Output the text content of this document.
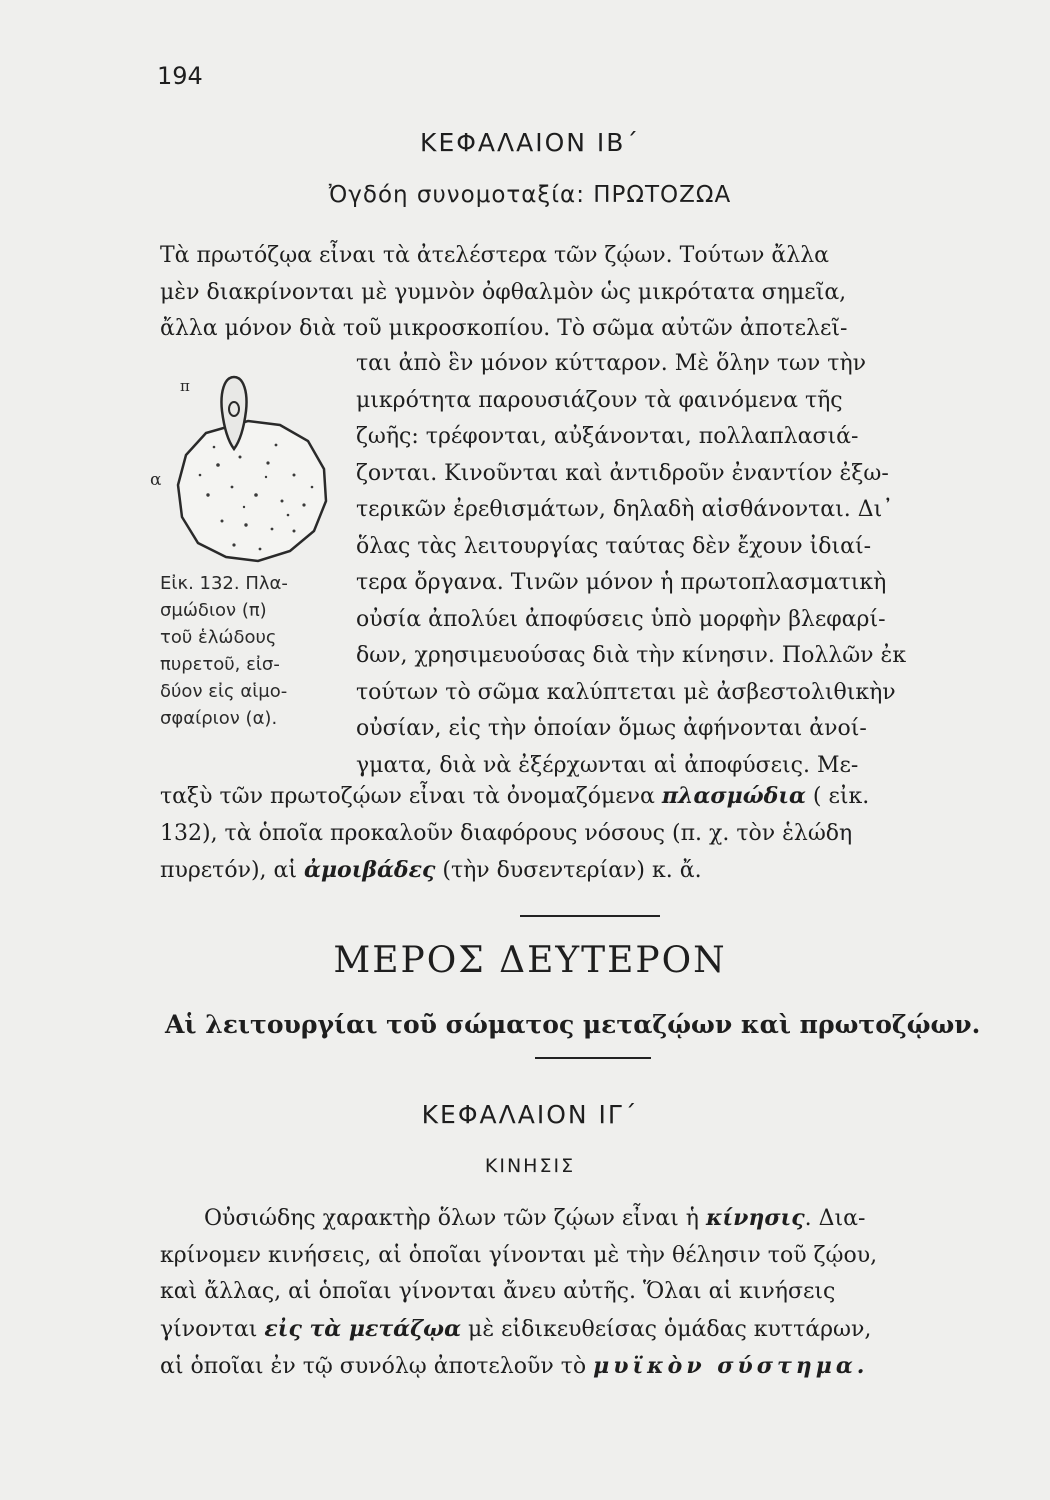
194
ΚΕΦΑΛΑΙΟΝ ΙΒ΄
Ὀγδόη συνομοταξία: ΠΡΩΤΟΖΩΑ
Τὰ πρωτόζῳα εἶναι τὰ ἀτελέστερα τῶν ζῴων. Τούτων ἄλλα
μὲν διακρίνονται μὲ γυμνὸν ὀφθαλμὸν ὡς μικρότατα σημεῖα,
ἄλλα μόνον διὰ τοῦ μικροσκοπίου. Τὸ σῶμα αὐτῶν ἀποτελεῖ-
ται ἀπὸ ἓν μόνον κύτταρον. Μὲ ὅλην των τὴν
μικρότητα παρουσιάζουν τὰ φαινόμενα τῆς
ζωῆς: τρέφονται, αὐξάνονται, πολλαπλασιά-
ζονται. Κινοῦνται καὶ ἀντιδροῦν ἐναντίον ἐξω-
τερικῶν ἐρεθισμάτων, δηλαδὴ αἰσθάνονται. Δι᾽
ὅλας τὰς λειτουργίας ταύτας δὲν ἔχουν ἰδιαί-
τερα ὄργανα. Τινῶν μόνον ἡ πρωτοπλασματικὴ
οὐσία ἀπολύει ἀποφύσεις ὑπὸ μορφὴν βλεφαρί-
δων, χρησιμευούσας διὰ τὴν κίνησιν. Πολλῶν ἐκ
τούτων τὸ σῶμα καλύπτεται μὲ ἀσβεστολιθικὴν
οὐσίαν, εἰς τὴν ὁποίαν ὅμως ἀφήνονται ἀνοί-
γματα, διὰ νὰ ἐξέρχωνται αἱ ἀποφύσεις. Με-
ταξὺ τῶν πρωτοζῴων εἶναι τὰ ὀνομαζόμενα πλασμώδια ( εἰκ.
132), τὰ ὁποῖα προκαλοῦν διαφόρους νόσους (π. χ. τὸν ἑλώδη
πυρετόν), αἱ ἀμοιβάδες (τὴν δυσεντερίαν) κ. ἄ.
π
α
Εἰκ. 132. Πλα-
σμώδιον (π)
τοῦ ἑλώδους
πυρετοῦ, εἰσ-
δύον εἰς αἱμο-
σφαίριον (α).
ΜΕΡΟΣ ΔΕΥΤΕΡΟΝ
Αἱ λειτουργίαι τοῦ σώματος μεταζῴων καὶ πρωτοζῴων.
ΚΕΦΑΛΑΙΟΝ ΙΓ΄
ΚΙΝΗΣΙΣ
  Οὐσιώδης χαρακτὴρ ὅλων τῶν ζῴων εἶναι ἡ κίνησις. Δια-
κρίνομεν κινήσεις, αἱ ὁποῖαι γίνονται μὲ τὴν θέλησιν τοῦ ζῴου,
καὶ ἄλλας, αἱ ὁποῖαι γίνονται ἄνευ αὐτῆς. Ὅλαι αἱ κινήσεις
γίνονται εἰς τὰ μετάζῳα μὲ εἰδικευθείσας ὁμάδας κυττάρων,
αἱ ὁποῖαι ἐν τῷ συνόλῳ ἀποτελοῦν τὸ μυϊκὸν σύστημα.
